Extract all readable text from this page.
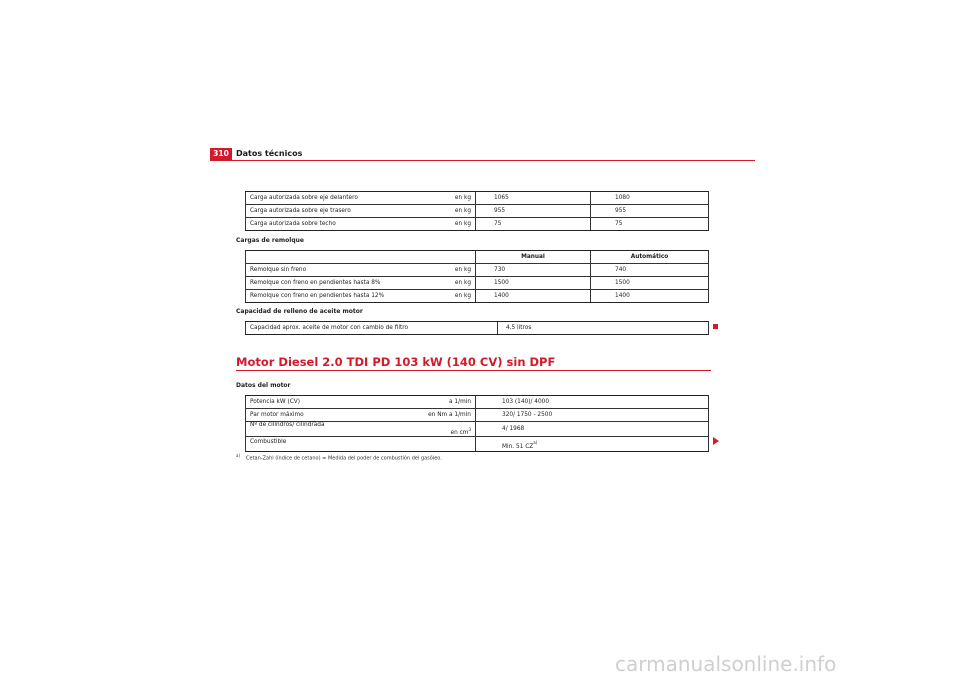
310 Datos técnicos
Carga autorizada sobre eje delantero en kg	1065	1080

Carga autorizada sobre eje trasero en kg	955	955

Carga autorizada sobre techo en kg	75	75
Cargas de remolque
	Manual	Automático

Remolque sin freno en kg	730	740

Remolque con freno en pendientes hasta 8% en kg	1500	1500

Remolque con freno en pendientes hasta 12% en kg	1400	1400
Capacidad de relleno de aceite motor
Capacidad aprox. aceite de motor con cambio de filtro	4,5 litros
Motor Diesel 2.0 TDI PD 103 kW (140 CV) sin DPF
Datos del motor
Potencia kW (CV) a 1/min	103 (140)/ 4000

Par motor máximo en Nm a 1/min	320/ 1750 - 2500

Nº de cilindros/ cilindrada
en $cm^3$	4/ 1968

Combustible	Min. 51 CZ$^{a)}$
$^{a)}$Cetan-Zahl (índice de cetano) = Medida del poder de combustión del gasóleo.
carmanualsonline.info
